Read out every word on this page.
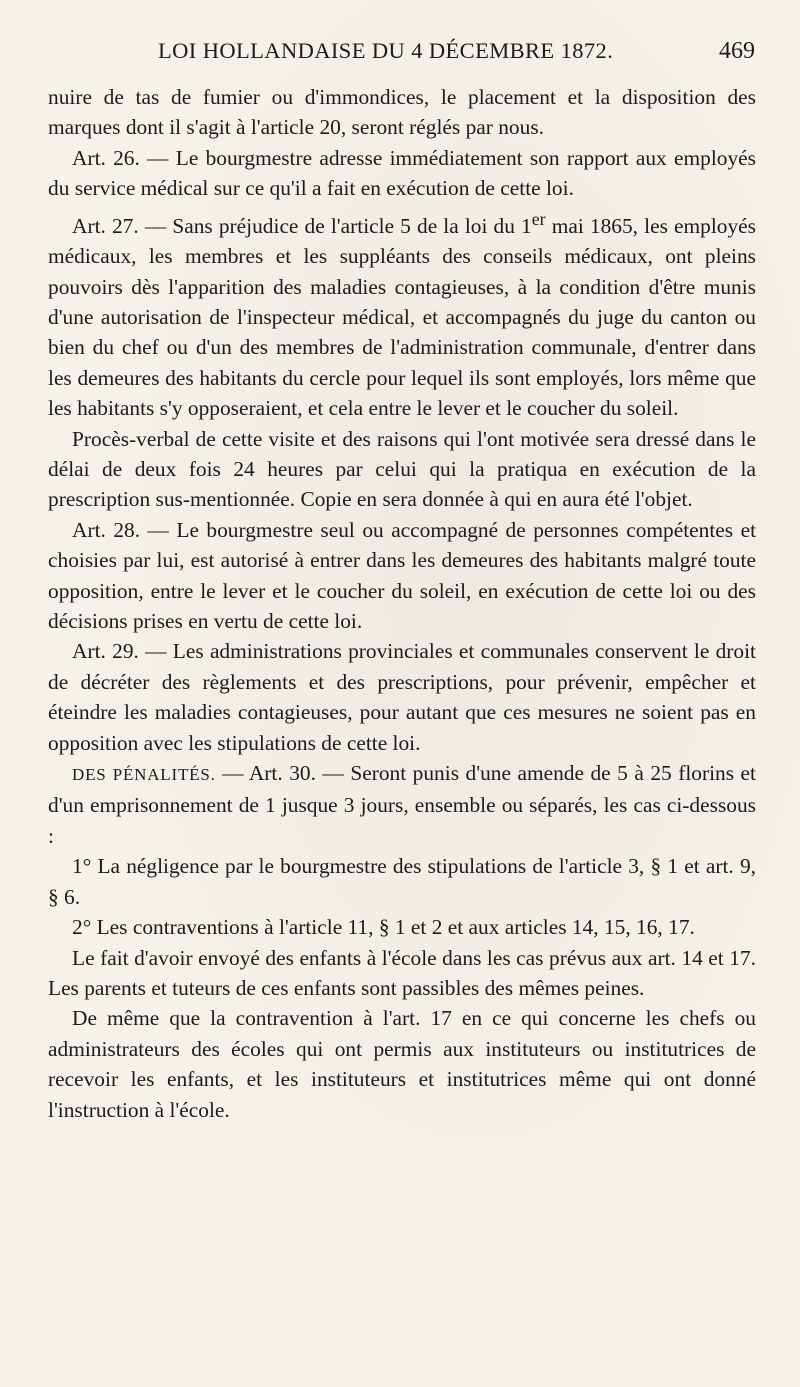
LOI HOLLANDAISE DU 4 DÉCEMBRE 1872.	469

nuire de tas de fumier ou d'immondices, le placement et la disposition des marques dont il s'agit à l'article 20, seront réglés par nous.

Art. 26. — Le bourgmestre adresse immédiatement son rapport aux employés du service médical sur ce qu'il a fait en exécution de cette loi.

Art. 27. — Sans préjudice de l'article 5 de la loi du 1er mai 1865, les employés médicaux, les membres et les suppléants des conseils médicaux, ont pleins pouvoirs dès l'apparition des maladies contagieuses, à la condition d'être munis d'une autorisation de l'inspecteur médical, et accompagnés du juge du canton ou bien du chef ou d'un des membres de l'administration communale, d'entrer dans les demeures des habitants du cercle pour lequel ils sont employés, lors même que les habitants s'y opposeraient, et cela entre le lever et le coucher du soleil.

Procès-verbal de cette visite et des raisons qui l'ont motivée sera dressé dans le délai de deux fois 24 heures par celui qui la pratiqua en exécution de la prescription sus-mentionnée. Copie en sera donnée à qui en aura été l'objet.

Art. 28. — Le bourgmestre seul ou accompagné de personnes compétentes et choisies par lui, est autorisé à entrer dans les demeures des habitants malgré toute opposition, entre le lever et le coucher du soleil, en exécution de cette loi ou des décisions prises en vertu de cette loi.

Art. 29. — Les administrations provinciales et communales conservent le droit de décréter des règlements et des prescriptions, pour prévenir, empêcher et éteindre les maladies contagieuses, pour autant que ces mesures ne soient pas en opposition avec les stipulations de cette loi.

DES PÉNALITÉS. — Art. 30. — Seront punis d'une amende de 5 à 25 florins et d'un emprisonnement de 1 jusque 3 jours, ensemble ou séparés, les cas ci-dessous :

1° La négligence par le bourgmestre des stipulations de l'article 3, § 1 et art. 9, § 6.

2° Les contraventions à l'article 11, § 1 et 2 et aux articles 14, 15, 16, 17.

Le fait d'avoir envoyé des enfants à l'école dans les cas prévus aux art. 14 et 17. Les parents et tuteurs de ces enfants sont passibles des mêmes peines.

De même que la contravention à l'art. 17 en ce qui concerne les chefs ou administrateurs des écoles qui ont permis aux instituteurs ou institutrices de recevoir les enfants, et les instituteurs et institutrices même qui ont donné l'instruction à l'école.
